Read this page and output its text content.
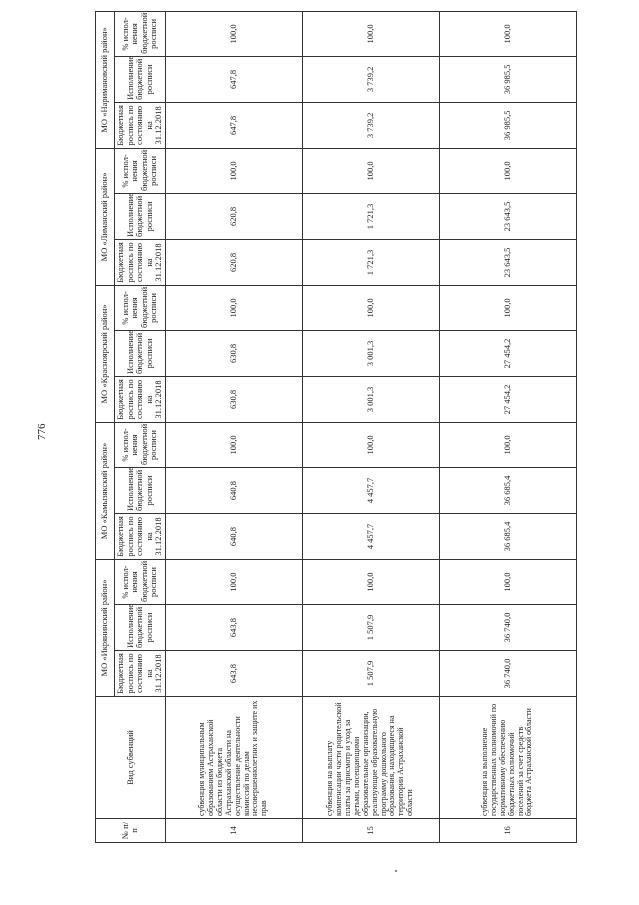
776
№ п/п	Вид субвенций	МО «Икрянинский район»			МО «Камызякский район»			МО «Красноярский район»			МО «Лиманский район»			МО «Наримановский район»		
		Бюджетная роспись по состоянию на 31.12.2018	Исполнение бюджетной росписи	% испол-нения бюджетной росписи	Бюджетная роспись по состоянию на 31.12.2018	Исполнение бюджетной росписи	% испол-нения бюджетной росписи	Бюджетная роспись по состоянию на 31.12.2018	Исполнение бюджетной росписи	% испол-нения бюджетной росписи	Бюджетная роспись по состоянию на 31.12.2018	Исполнение бюджетной росписи	% испол-нения бюджетной росписи	Бюджетная роспись по состоянию на 31.12.2018	Исполнение бюджетной росписи	% испол-нения бюджетной росписи
14	субвенция муниципальным образованиям Астраханской области из бюджета Астраханской области на осуществление деятельности комиссий по делам несовершеннолетних и защите их прав	643,8	643,8	100,0	640,8	640,8	100,0	630,8	630,8	100,0	620,8	620,8	100,0	647,8	647,8	100,0
15	субвенция на выплату компенсации части родительской платы за присмотр и уход за детьми, посещающими образовательные организации, реализующие образовательную программу дошкольного образования, находящиеся на территории Астраханской области	1 507,9	1 507,9	100,0	4 457,7	4 457,7	100,0	3 001,3	3 001,3	100,0	1 721,3	1 721,3	100,0	3 739,2	3 739,2	100,0
16	субвенция на выполнение государственных полномочий по нормативному обеспечению бюджетных полномочий поселений за счет средств бюджета Астраханской области	36 740,0	36 740,0	100,0	36 685,4	36 685,4	100,0	27 454,2	27 454,2	100,0	23 643,5	23 643,5	100,0	36 985,5	36 985,5	100,0
